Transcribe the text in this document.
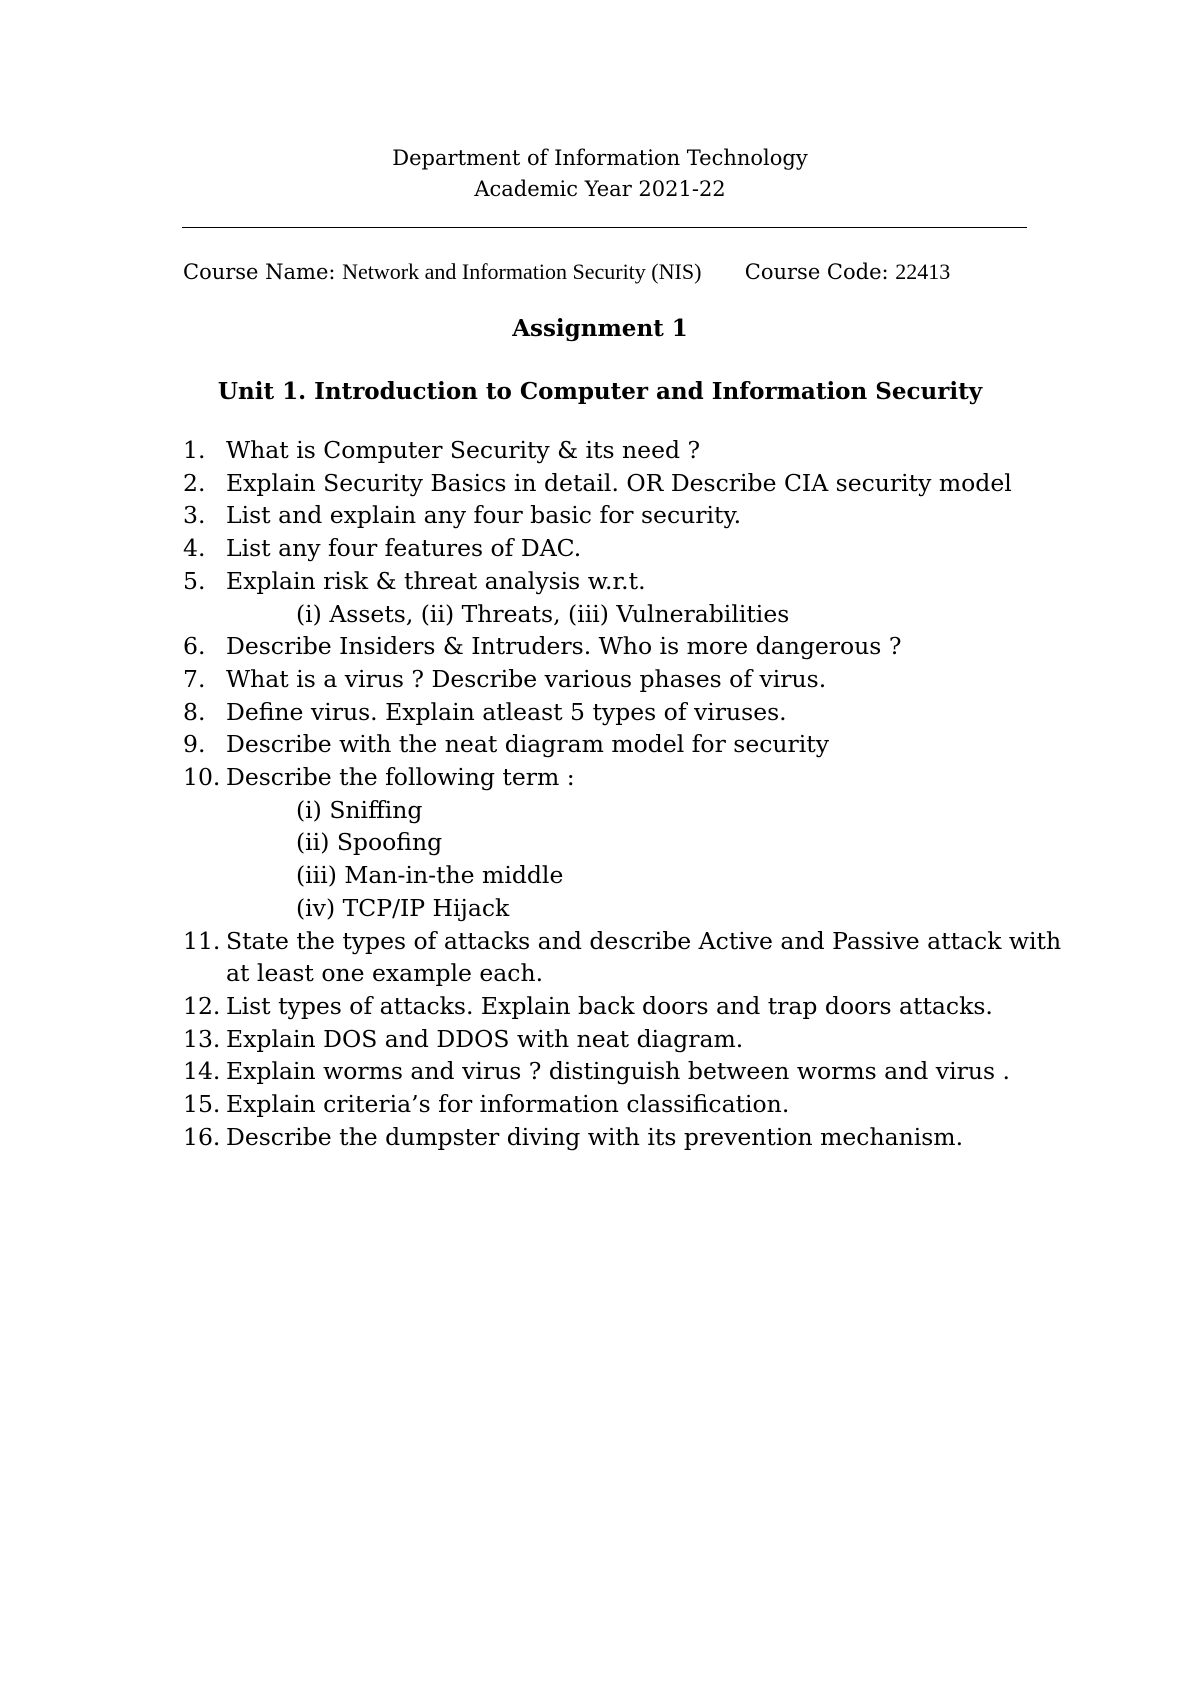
Department of Information Technology
Academic Year 2021-22
Course Name: Network and Information Security (NIS) Course Code: 22413
Assignment 1
Unit 1. Introduction to Computer and Information Security
1. What is Computer Security & its need ?
2. Explain Security Basics in detail. OR Describe CIA security model
3. List and explain any four basic for security.
4. List any four features of DAC.
5. Explain risk & threat analysis w.r.t.
(i) Assets, (ii) Threats, (iii) Vulnerabilities
6. Describe Insiders & Intruders. Who is more dangerous ?
7. What is a virus ? Describe various phases of virus.
8. Define virus. Explain atleast 5 types of viruses.
9. Describe with the neat diagram model for security
10. Describe the following term :
(i) Sniffing
(ii) Spoofing
(iii) Man-in-the middle
(iv) TCP/IP Hijack
11. State the types of attacks and describe Active and Passive attack with
at least one example each.
12. List types of attacks. Explain back doors and trap doors attacks.
13. Explain DOS and DDOS with neat diagram.
14. Explain worms and virus ? distinguish between worms and virus .
15. Explain criteria’s for information classification.
16. Describe the dumpster diving with its prevention mechanism.
